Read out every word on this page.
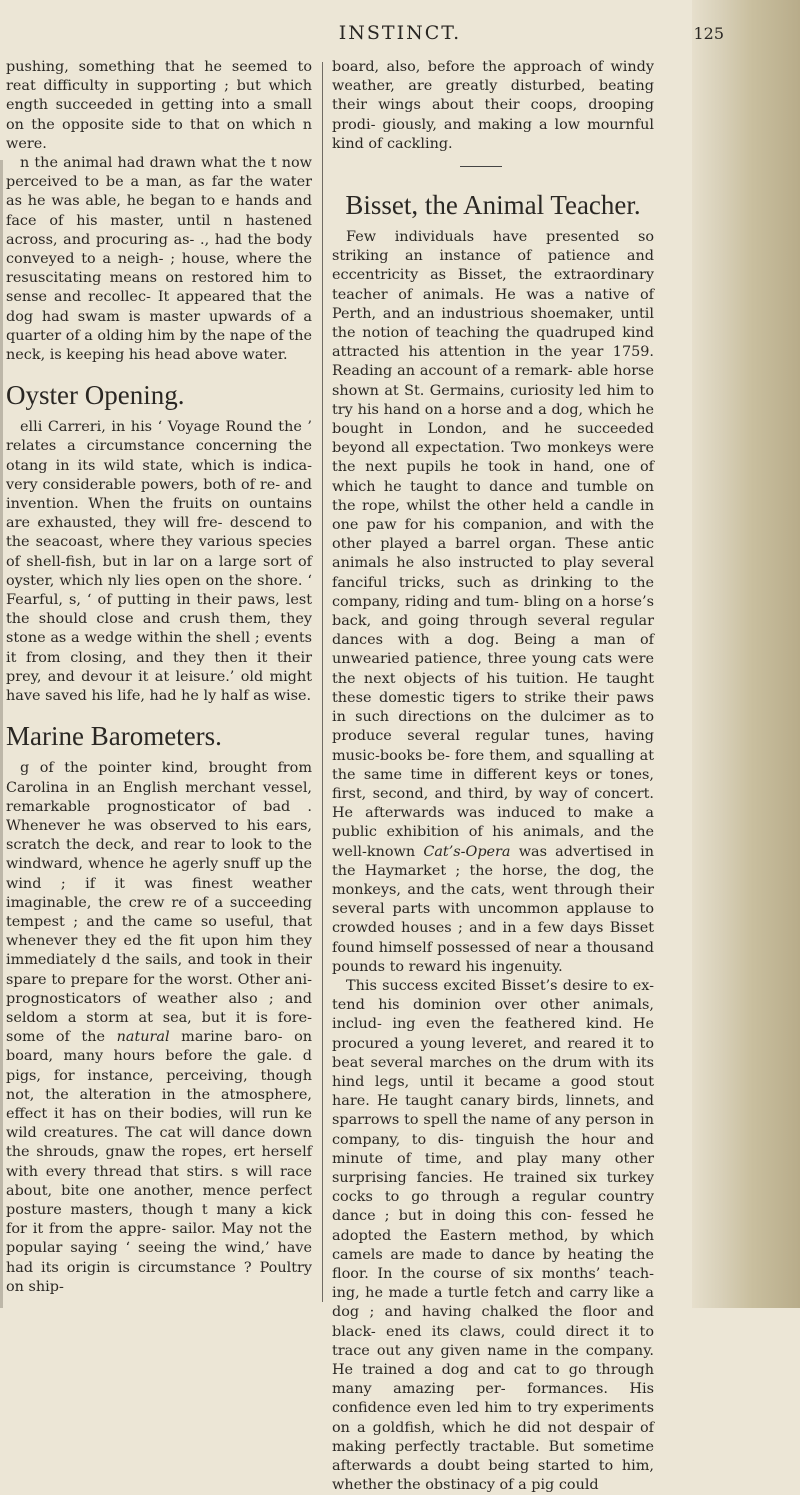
INSTINCT.	125

pushing, something that he seemed to reat difficulty in supporting ; but which ength succeeded in getting into a small on the opposite side to that on which n were.

n the animal had drawn what the t now perceived to be a man, as far the water as he was able, he began to e hands and face of his master, until n hastened across, and procuring as- ., had the body conveyed to a neigh- ; house, where the resuscitating means on restored him to sense and recollec- It appeared that the dog had swam is master upwards of a quarter of a olding him by the nape of the neck, is keeping his head above water.

Oyster Opening.

elli Carreri, in his ‘ Voyage Round the ’ relates a circumstance concerning the otang in its wild state, which is indica- very considerable powers, both of re- and invention. When the fruits on ountains are exhausted, they will fre- descend to the seacoast, where they various species of shell-fish, but in lar on a large sort of oyster, which nly lies open on the shore. ‘ Fearful, s, ‘ of putting in their paws, lest the should close and crush them, they stone as a wedge within the shell ; events it from closing, and they then it their prey, and devour it at leisure.’ old might have saved his life, had he ly half as wise.

Marine Barometers.

g of the pointer kind, brought from Carolina in an English merchant vessel, remarkable prognosticator of bad . Whenever he was observed to his ears, scratch the deck, and rear to look to the windward, whence he agerly snuff up the wind ; if it was finest weather imaginable, the crew re of a succeeding tempest ; and the came so useful, that whenever they ed the fit upon him they immediately d the sails, and took in their spare to prepare for the worst. Other ani- prognosticators of weather also ; and seldom a storm at sea, but it is fore- some of the natural marine baro- on board, many hours before the gale. d pigs, for instance, perceiving, though not, the alteration in the atmosphere, effect it has on their bodies, will run ke wild creatures. The cat will dance down the shrouds, gnaw the ropes, ert herself with every thread that stirs. s will race about, bite one another, mence perfect posture masters, though t many a kick for it from the appre- sailor. May not the popular saying ‘ seeing the wind,’ have had its origin is circumstance ? Poultry on ship-

board, also, before the approach of windy weather, are greatly disturbed, beating their wings about their coops, drooping prodi- giously, and making a low mournful kind of cackling.

Bisset, the Animal Teacher.

Few individuals have presented so striking an instance of patience and eccentricity as Bisset, the extraordinary teacher of animals. He was a native of Perth, and an industrious shoemaker, until the notion of teaching the quadruped kind attracted his attention in the year 1759. Reading an account of a remark- able horse shown at St. Germains, curiosity led him to try his hand on a horse and a dog, which he bought in London, and he succeeded beyond all expectation. Two monkeys were the next pupils he took in hand, one of which he taught to dance and tumble on the rope, whilst the other held a candle in one paw for his companion, and with the other played a barrel organ. These antic animals he also instructed to play several fanciful tricks, such as drinking to the company, riding and tum- bling on a horse’s back, and going through several regular dances with a dog. Being a man of unwearied patience, three young cats were the next objects of his tuition. He taught these domestic tigers to strike their paws in such directions on the dulcimer as to produce several regular tunes, having music-books be- fore them, and squalling at the same time in different keys or tones, first, second, and third, by way of concert. He afterwards was induced to make a public exhibition of his animals, and the well-known Cat’s-Opera was advertised in the Haymarket ; the horse, the dog, the monkeys, and the cats, went through their several parts with uncommon applause to crowded houses ; and in a few days Bisset found himself possessed of near a thousand pounds to reward his ingenuity.

This success excited Bisset’s desire to ex- tend his dominion over other animals, includ- ing even the feathered kind. He procured a young leveret, and reared it to beat several marches on the drum with its hind legs, until it became a good stout hare. He taught canary birds, linnets, and sparrows to spell the name of any person in company, to dis- tinguish the hour and minute of time, and play many other surprising fancies. He trained six turkey cocks to go through a regular country dance ; but in doing this con- fessed he adopted the Eastern method, by which camels are made to dance by heating the floor. In the course of six months’ teach- ing, he made a turtle fetch and carry like a dog ; and having chalked the floor and black- ened its claws, could direct it to trace out any given name in the company. He trained a dog and cat to go through many amazing per- formances. His confidence even led him to try experiments on a goldfish, which he did not despair of making perfectly tractable. But sometime afterwards a doubt being started to him, whether the obstinacy of a pig could
